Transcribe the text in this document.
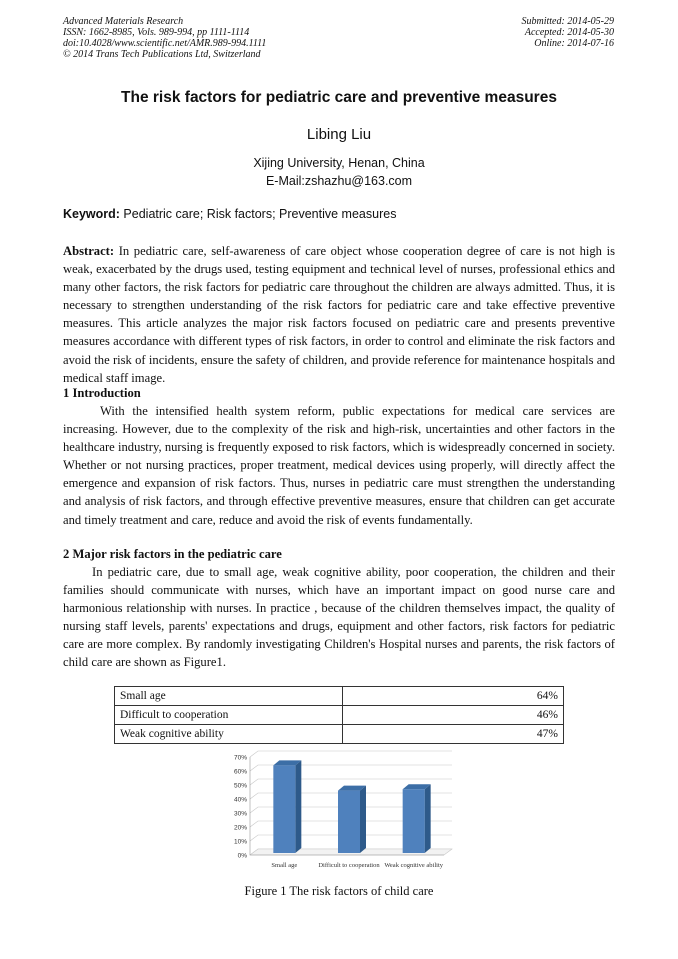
Advanced Materials Research
ISSN: 1662-8985, Vols. 989-994, pp 1111-1114
doi:10.4028/www.scientific.net/AMR.989-994.1111
© 2014 Trans Tech Publications Ltd, Switzerland
Submitted: 2014-05-29
Accepted: 2014-05-30
Online: 2014-07-16
The risk factors for pediatric care and preventive measures
Libing Liu
Xijing University, Henan, China
E-Mail:zshazhu@163.com
Keyword: Pediatric care; Risk factors; Preventive measures
Abstract: In pediatric care, self-awareness of care object whose cooperation degree of care is not high is weak, exacerbated by the drugs used, testing equipment and technical level of nurses, professional ethics and many other factors, the risk factors for pediatric care throughout the children are always admitted. Thus, it is necessary to strengthen understanding of the risk factors for pediatric care and take effective preventive measures. This article analyzes the major risk factors focused on pediatric care and presents preventive measures accordance with different types of risk factors, in order to control and eliminate the risk factors and avoid the risk of incidents, ensure the safety of children, and provide reference for maintenance hospitals and medical staff image.
1 Introduction
With the intensified health system reform, public expectations for medical care services are increasing. However, due to the complexity of the risk and high-risk, uncertainties and other factors in the healthcare industry, nursing is frequently exposed to risk factors, which is widespreadly concerned in society. Whether or not nursing practices, proper treatment, medical devices using properly, will directly affect the emergence and expansion of risk factors. Thus, nurses in pediatric care must strengthen the understanding and analysis of risk factors, and through effective preventive measures, ensure that children can get accurate and timely treatment and care, reduce and avoid the risk of events fundamentally.
2 Major risk factors in the pediatric care
In pediatric care, due to small age, weak cognitive ability, poor cooperation, the children and their families should communicate with nurses, which have an important impact on good nurse care and harmonious relationship with nurses. In practice , because of the children themselves impact, the quality of nursing staff levels, parents' expectations and drugs, equipment and other factors, risk factors for pediatric care are more complex. By randomly investigating Children's Hospital nurses and parents, the risk factors of child care are shown as Figure1.
Small age	64%
Difficult to cooperation	46%
Weak cognitive ability	47%
0%
10%
20%
30%
40%
50%
60%
70%
Small age	Difficult to cooperation Weak cognitive ability
Figure 1 The risk factors of child care
